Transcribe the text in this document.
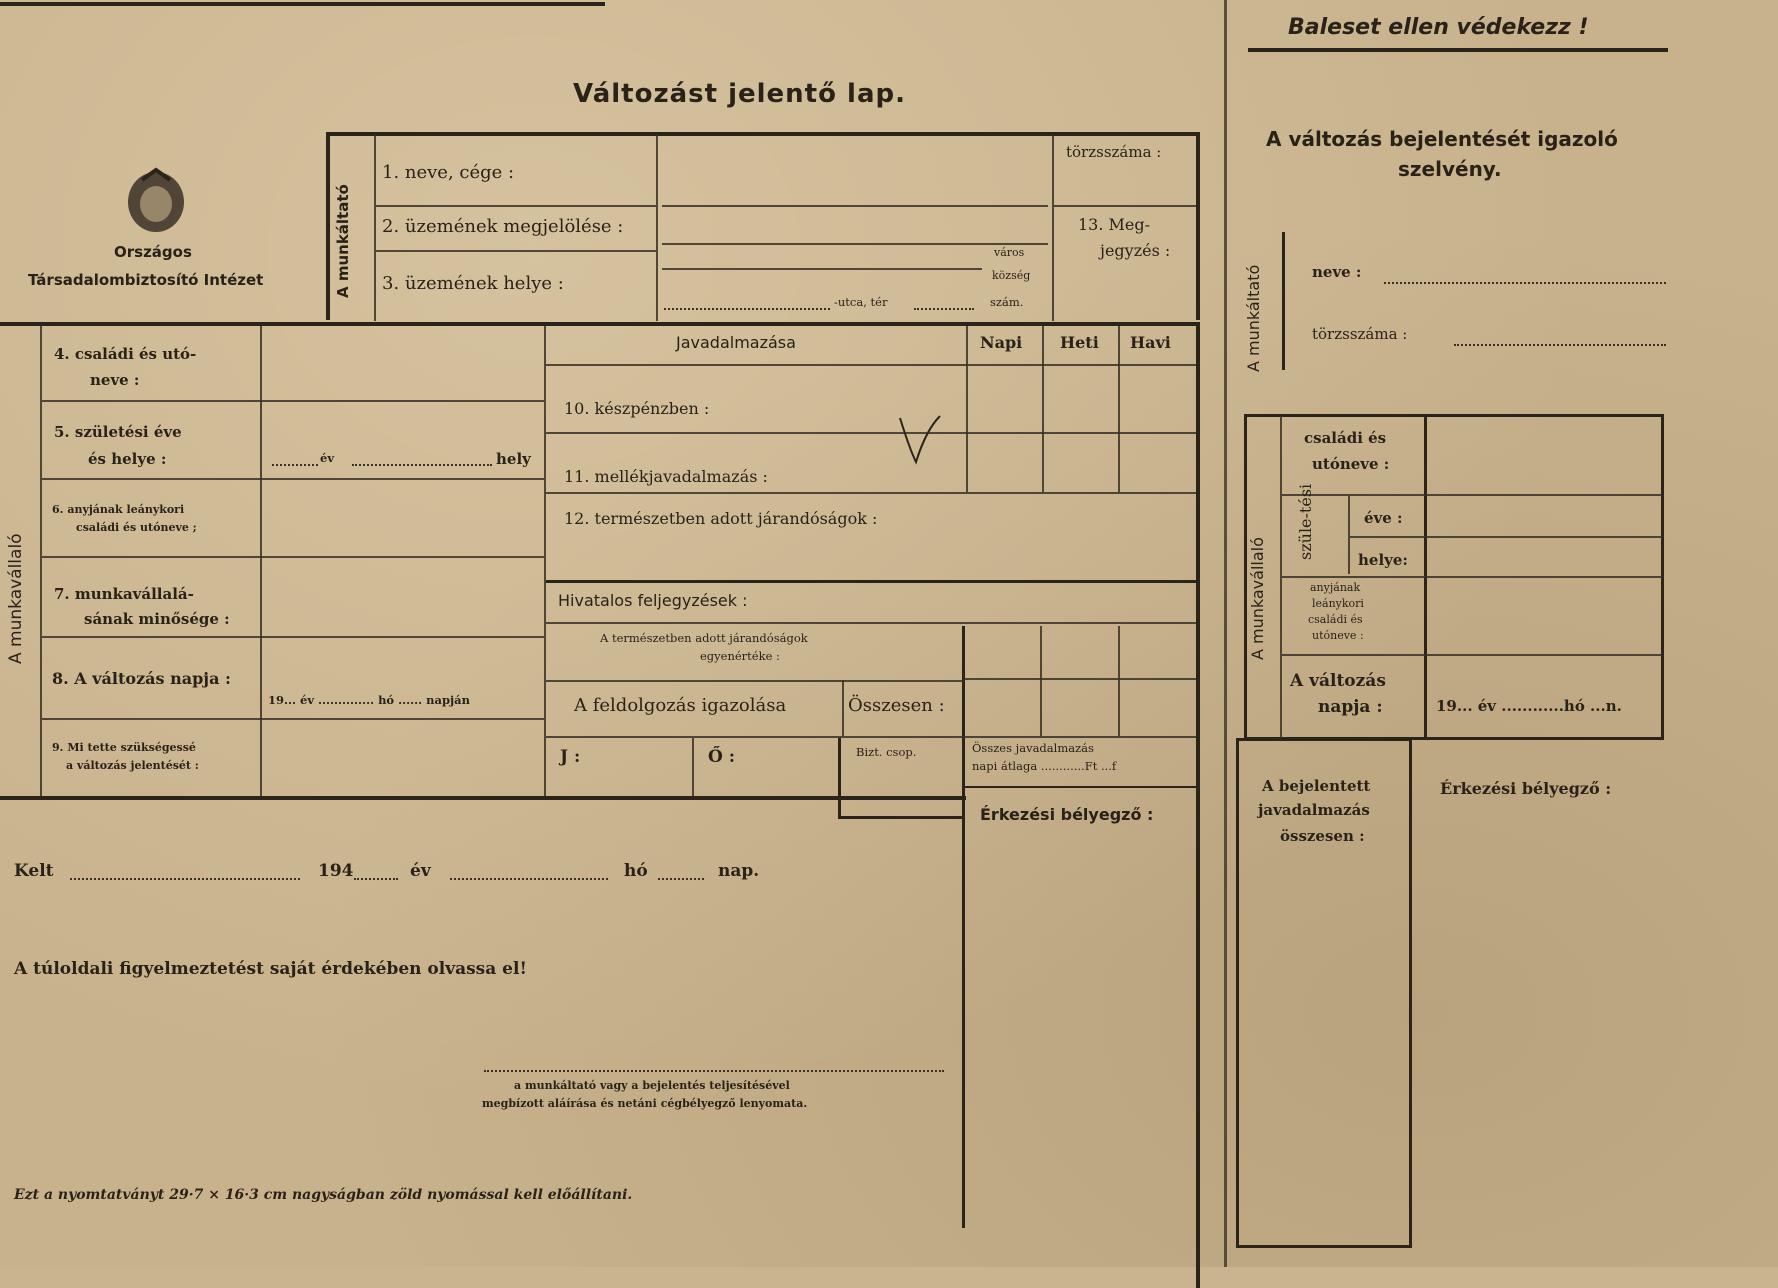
Változást jelentő lap.
Országos
Társadalombiztosító Intézet	A munkáltató
1. neve, cége :
2. üzemének megjelölése :
3. üzemének helye :
város
község
-utca, tér	szám.
törzsszáma :
13. Meg-
jegyzés :
A munkavállaló
4. családi és utó-
neve :
5. születési éve
és helye :	év	hely
6. anyjának leánykori
családi és utóneve ;
7. munkavállalá-
sának minősége :
8. A változás napja :
19... év .............. hó ...... napján
9. Mi tette szükségessé
a változás jelentését :
Javadalmazása	Napi Heti Havi
10. készpénzben :
11. mellékjavadalmazás :
12. természetben adott járandóságok :
Hivatalos feljegyzések :
A természetben adott járandóságok
egyenértéke :
A feldolgozás igazolása	Összesen :
J :	Ő :	Bizt. csop.	Összes javadalmazás
napi átlaga ............Ft ...f
Érkezési bélyegző :
Kelt	194	év	hó	nap.
A túloldali figyelmeztetést saját érdekében olvassa el!
a munkáltató vagy a bejelentés teljesítésével
megbízott aláírása és netáni cégbélyegző lenyomata.
Ezt a nyomtatványt 29·7 × 16·3 cm nagyságban zöld nyomással kell előállítani.
Baleset ellen védekezz !
A változás bejelentését igazoló
szelvény.
A munkáltató	neve :
törzsszáma :
A munkavállaló
családi és
utóneve :
szüle-tési	éve :
helye:
anyjának
leánykori
családi és
utóneve :
A változás
napja :	19... év ............hó ...n.
A bejelentett
javadalmazás
összesen :
Érkezési bélyegző :
